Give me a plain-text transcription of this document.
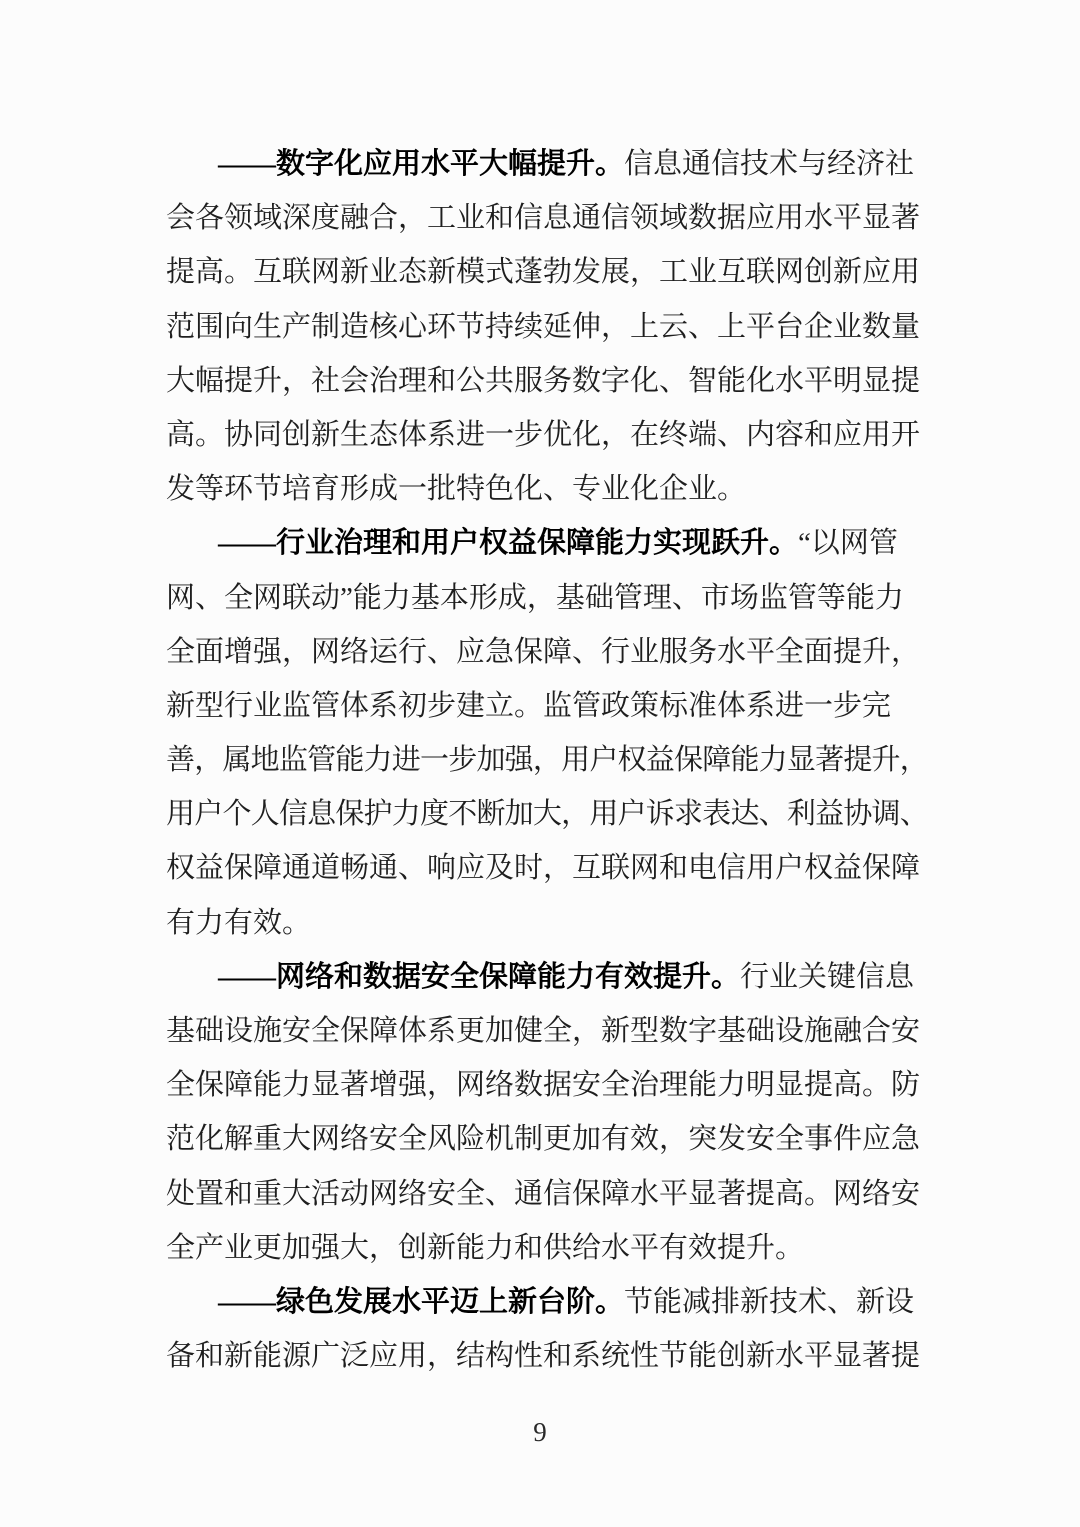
——数字化应用水平大幅提升。信息通信技术与经济社
会各领域深度融合，工业和信息通信领域数据应用水平显著
提高。互联网新业态新模式蓬勃发展，工业互联网创新应用
范围向生产制造核心环节持续延伸，上云、上平台企业数量
大幅提升，社会治理和公共服务数字化、智能化水平明显提
高。协同创新生态体系进一步优化，在终端、内容和应用开
发等环节培育形成一批特色化、专业化企业。
——行业治理和用户权益保障能力实现跃升。“以网管
网、全网联动”能力基本形成，基础管理、市场监管等能力
全面增强，网络运行、应急保障、行业服务水平全面提升，
新型行业监管体系初步建立。监管政策标准体系进一步完
善，属地监管能力进一步加强，用户权益保障能力显著提升，
用户个人信息保护力度不断加大，用户诉求表达、利益协调、
权益保障通道畅通、响应及时，互联网和电信用户权益保障
有力有效。
——网络和数据安全保障能力有效提升。行业关键信息
基础设施安全保障体系更加健全，新型数字基础设施融合安
全保障能力显著增强，网络数据安全治理能力明显提高。防
范化解重大网络安全风险机制更加有效，突发安全事件应急
处置和重大活动网络安全、通信保障水平显著提高。网络安
全产业更加强大，创新能力和供给水平有效提升。
——绿色发展水平迈上新台阶。节能减排新技术、新设
备和新能源广泛应用，结构性和系统性节能创新水平显著提
9
